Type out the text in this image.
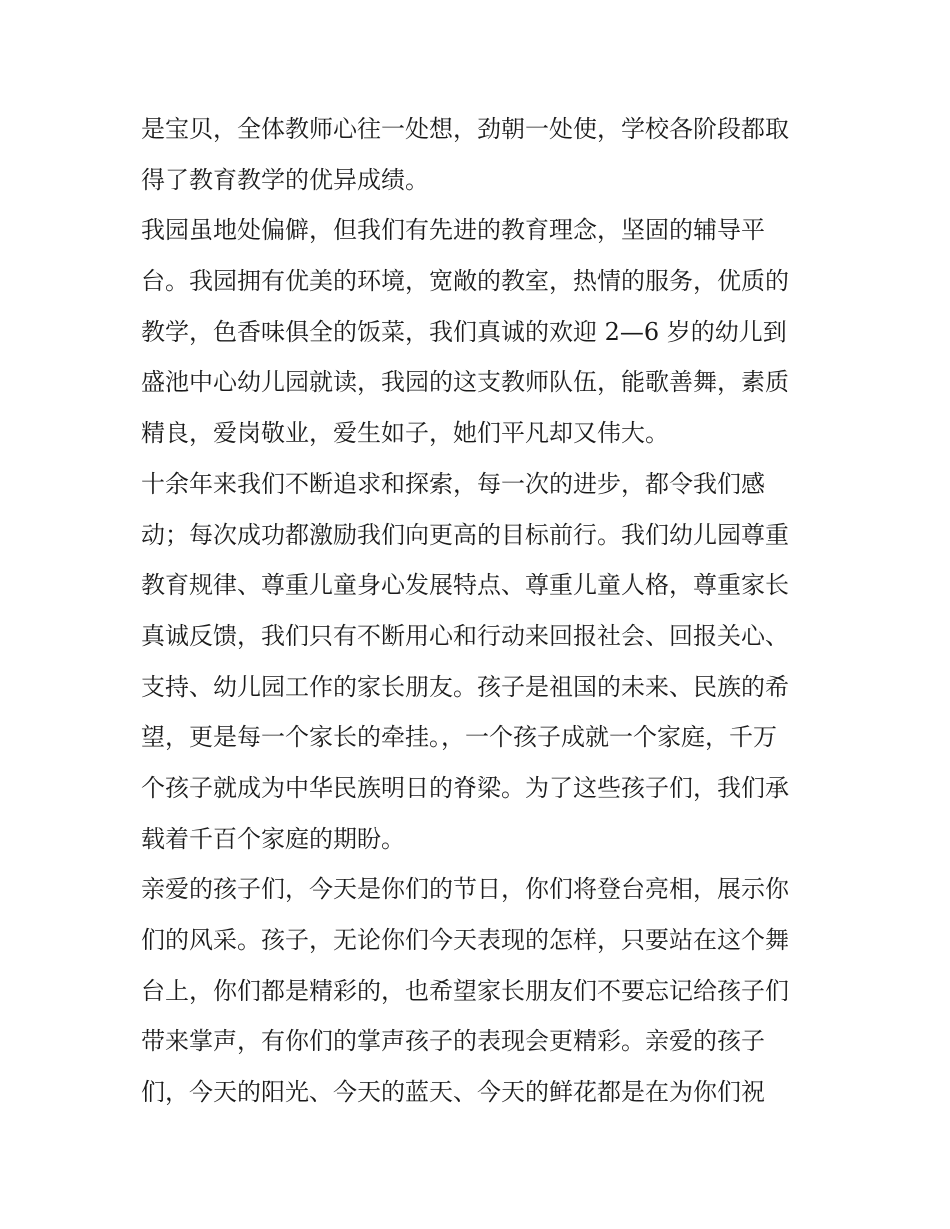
是宝贝，全体教师心往一处想，劲朝一处使，学校各阶段都取
得了教育教学的优异成绩。
我园虽地处偏僻，但我们有先进的教育理念，坚固的辅导平
台。我园拥有优美的环境，宽敞的教室，热情的服务，优质的
教学，色香味俱全的饭菜，我们真诚的欢迎 2—6 岁的幼儿到
盛池中心幼儿园就读，我园的这支教师队伍，能歌善舞，素质
精良，爱岗敬业，爱生如子，她们平凡却又伟大。
十余年来我们不断追求和探索，每一次的进步，都令我们感
动；每次成功都激励我们向更高的目标前行。我们幼儿园尊重
教育规律、尊重儿童身心发展特点、尊重儿童人格，尊重家长
真诚反馈，我们只有不断用心和行动来回报社会、回报关心、
支持、幼儿园工作的家长朋友。孩子是祖国的未来、民族的希
望，更是每一个家长的牵挂。，一个孩子成就一个家庭，千万
个孩子就成为中华民族明日的脊梁。为了这些孩子们，我们承
载着千百个家庭的期盼。
亲爱的孩子们，今天是你们的节日，你们将登台亮相，展示你
们的风采。孩子，无论你们今天表现的怎样，只要站在这个舞
台上，你们都是精彩的，也希望家长朋友们不要忘记给孩子们
带来掌声，有你们的掌声孩子的表现会更精彩。亲爱的孩子
们，今天的阳光、今天的蓝天、今天的鲜花都是在为你们祝
